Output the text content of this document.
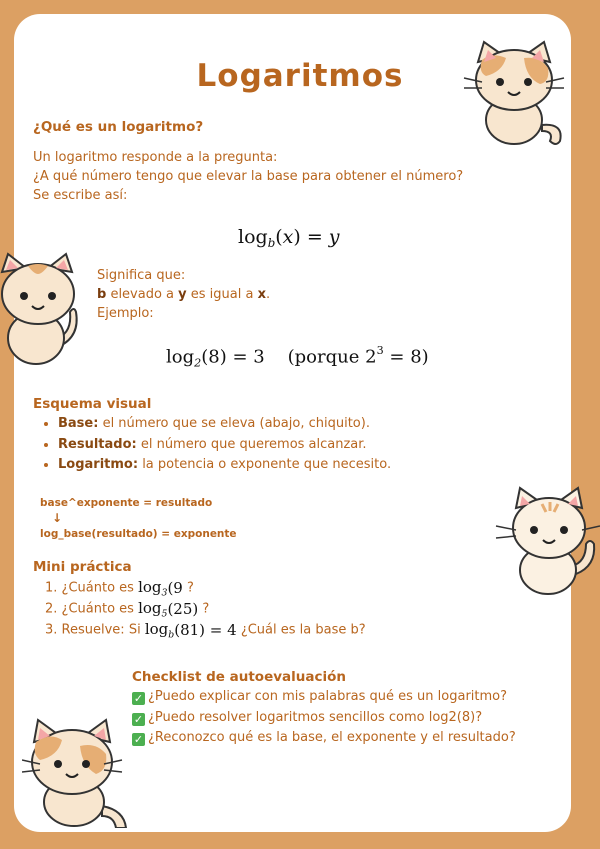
Logaritmos
¿Qué es un logaritmo?
Un logaritmo responde a la pregunta:
¿A qué número tengo que elevar la base para obtener el número?
Se escribe así:
$\log_b(x) = y$
Significa que:
b elevado a y es igual a x.
Ejemplo:
$\log_2(8) = 3$ (porque $2^3 = 8$)
Esquema visual
• Base: el número que se eleva (abajo, chiquito).
• Resultado: el número que queremos alcanzar.
• Logaritmo: la potencia o exponente que necesito.
base^exponente = resultado
↓
log_base(resultado) = exponente
Mini práctica
1. ¿Cuánto es $\log_3(9$ ?
2. ¿Cuánto es $\log_5(25)$ ?
3. Resuelve: Si $\log_b(81) = 4$ ¿Cuál es la base b?
Checklist de autoevaluación
✓ ¿Puedo explicar con mis palabras qué es un logaritmo?
✓ ¿Puedo resolver logaritmos sencillos como log2(8)?
✓ ¿Reconozco qué es la base, el exponente y el resultado?
